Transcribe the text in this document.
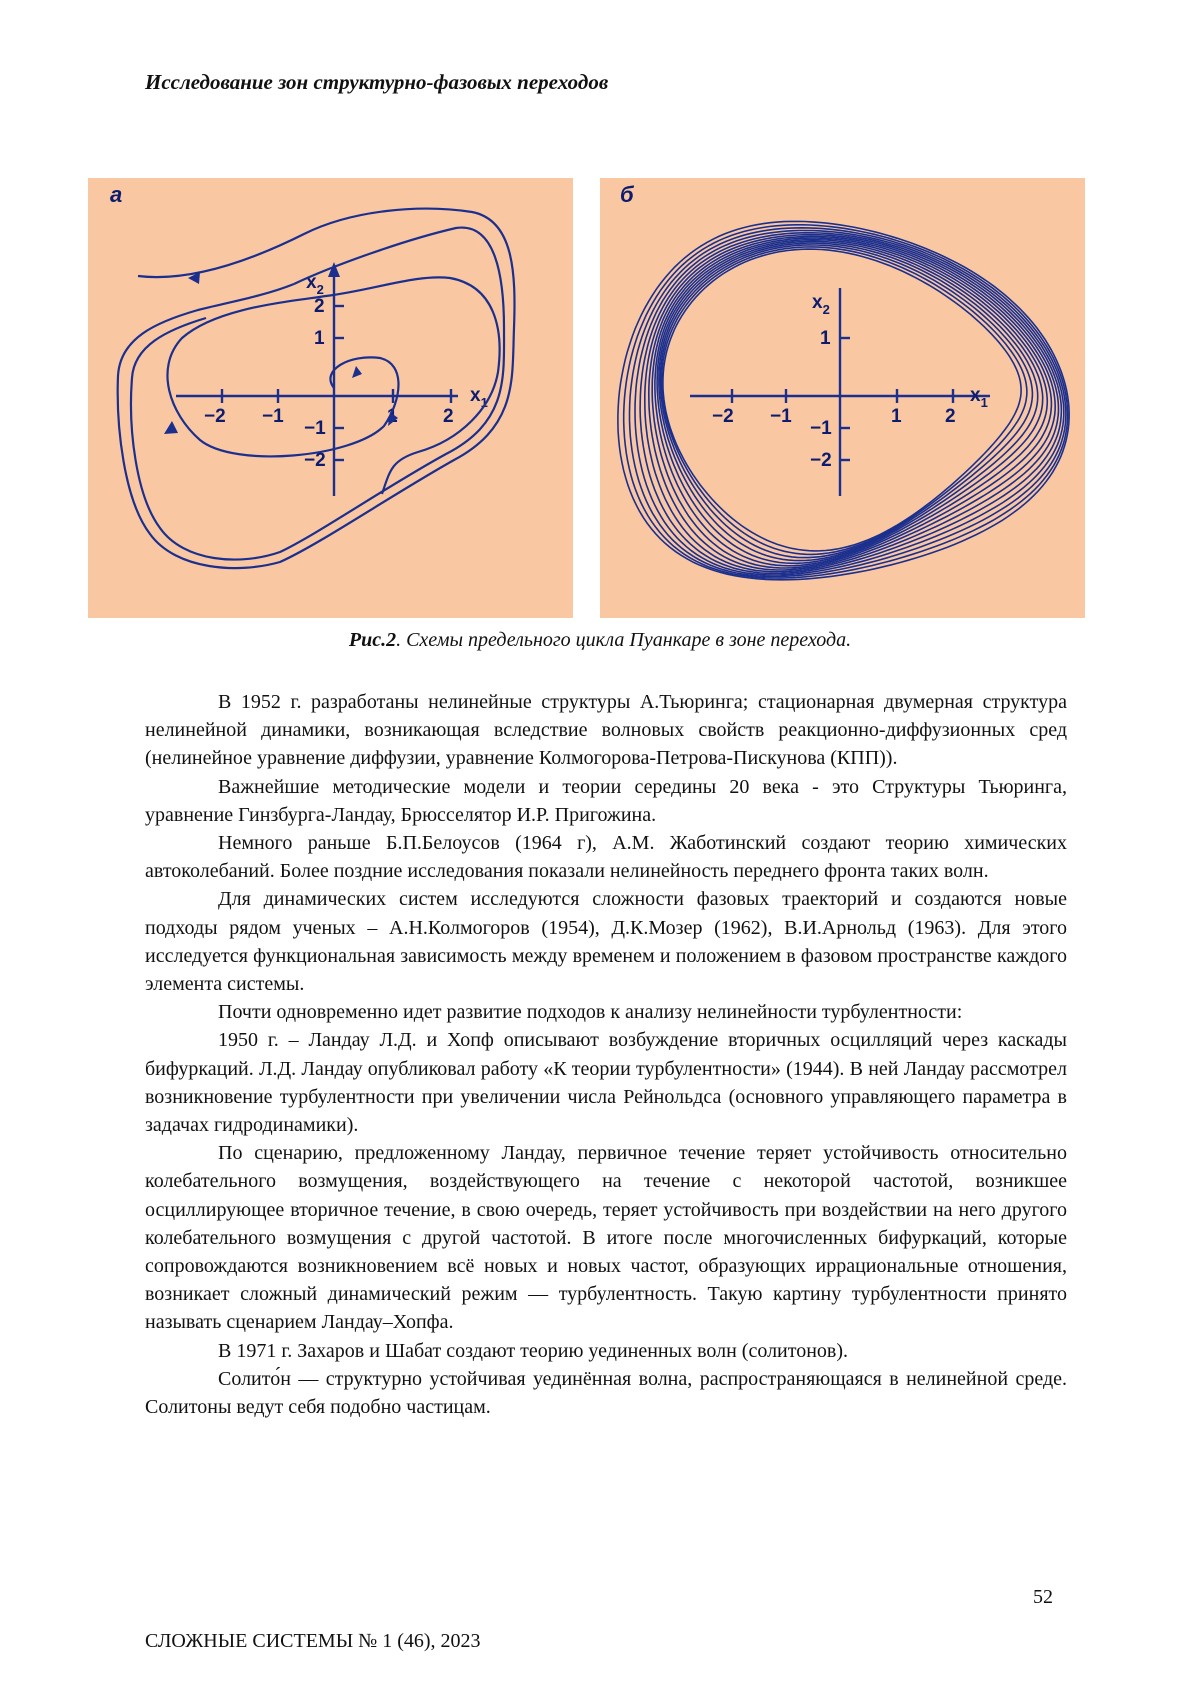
Исследование зон структурно-фазовых переходов
а
−2 −1	2
2
1
−1
−2
x1
x2
б
−2 −1	1 2
1
−1
−2
x1
x2
Рис.2. Схемы предельного цикла Пуанкаре в зоне перехода.

В 1952 г. разработаны нелинейные структуры А.Тьюринга; стационарная двумерная структура нелинейной динамики, возникающая вследствие волновых свойств реакционно-диффузионных сред (нелинейное уравнение диффузии, уравнение Колмогорова-Петрова-Пискунова (КПП)).

Важнейшие методические модели и теории середины 20 века - это Структуры Тьюринга, уравнение Гинзбурга-Ландау, Брюсселятор И.Р. Пригожина.

Немного раньше Б.П.Белоусов (1964 г), А.М. Жаботинский создают теорию химических автоколебаний. Более поздние исследования показали нелинейность переднего фронта таких волн.

Для динамических систем исследуются сложности фазовых траекторий и создаются новые подходы рядом ученых – А.Н.Колмогоров (1954), Д.К.Мозер (1962), В.И.Арнольд (1963). Для этого исследуется функциональная зависимость между временем и положением в фазовом пространстве каждого элемента системы.

Почти одновременно идет развитие подходов к анализу нелинейности турбулентности:

1950 г. – Ландау Л.Д. и Хопф описывают возбуждение вторичных осцилляций через каскады бифуркаций. Л.Д. Ландау опубликовал работу «К теории турбулентности» (1944). В ней Ландау рассмотрел возникновение турбулентности при увеличении числа Рейнольдса (основного управляющего параметра в задачах гидродинамики).

По сценарию, предложенному Ландау, первичное течение теряет устойчивость относительно колебательного возмущения, воздействующего на течение с некоторой частотой, возникшее осциллирующее вторичное течение, в свою очередь, теряет устойчивость при воздействии на него другого колебательного возмущения с другой частотой. В итоге после многочисленных бифуркаций, которые сопровождаются возникновением всё новых и новых частот, образующих иррациональные отношения, возникает сложный динамический режим — турбулентность. Такую картину турбулентности принято называть сценарием Ландау–Хопфа.

В 1971 г. Захаров и Шабат создают теорию уединенных волн (солитонов).

Солито́н — структурно устойчивая уединённая волна, распространяющаяся в нелинейной среде. Солитоны ведут себя подобно частицам.

52
СЛОЖНЫЕ СИСТЕМЫ № 1 (46), 2023
